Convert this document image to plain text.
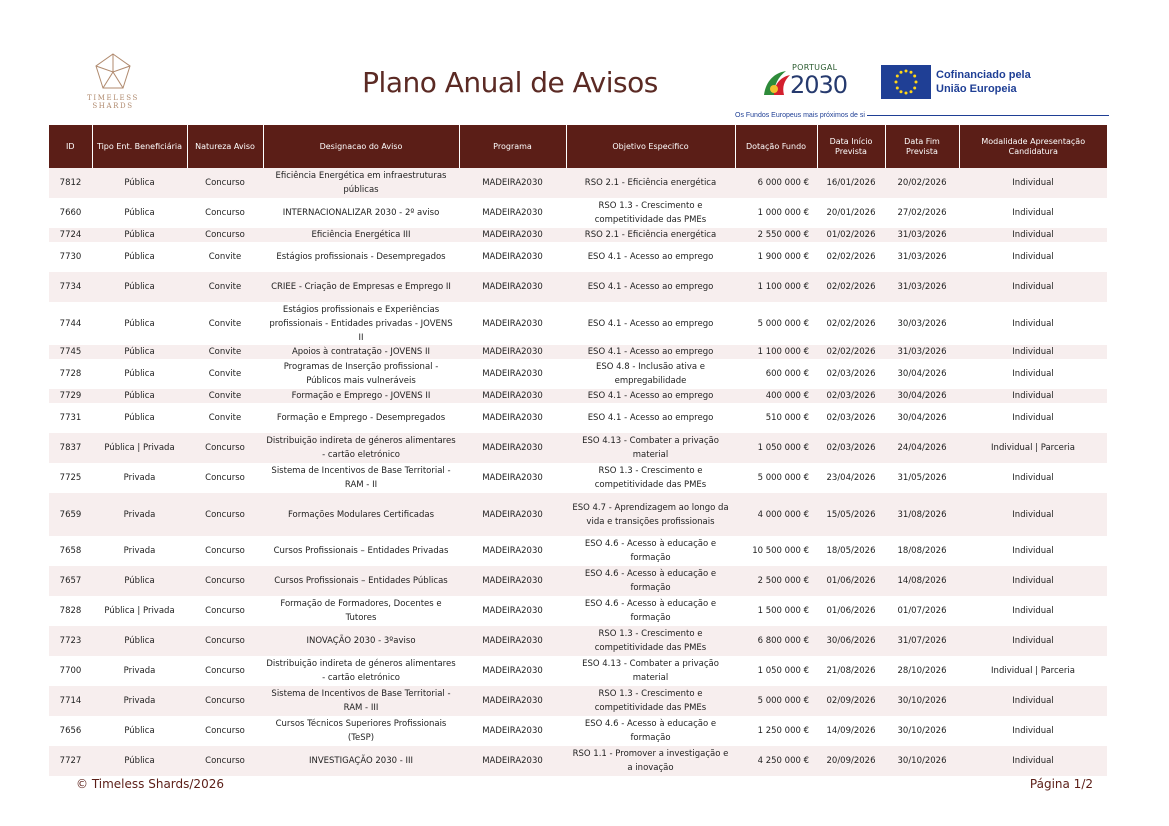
TIMELESS SHARDS
Plano Anual de Avisos	PORTUGAL
2030	Cofinanciado pela União Europeia
Os Fundos Europeus mais próximos de si
ID	Tipo Ent. Beneficiária	Natureza Aviso	Designacao do Aviso	Programa	Objetivo Especifico	Dotação Fundo	Data Início Prevista	Data Fim Prevista	Modalidade Apresentação Candidatura
7812	Pública	Concurso	Eficiência Energética em infraestruturas públicas	MADEIRA2030	RSO 2.1 - Eficiência energética	6 000 000 €	16/01/2026	20/02/2026	Individual
7660	Pública	Concurso	INTERNACIONALIZAR 2030 - 2º aviso	MADEIRA2030	RSO 1.3 - Crescimento e competitividade das PMEs	1 000 000 €	20/01/2026	27/02/2026	Individual
7724	Pública	Concurso	Eficiência Energética III	MADEIRA2030	RSO 2.1 - Eficiência energética	2 550 000 €	01/02/2026	31/03/2026	Individual
7730	Pública	Convite	Estágios profissionais - Desempregados	MADEIRA2030	ESO 4.1 - Acesso ao emprego	1 900 000 €	02/02/2026	31/03/2026	Individual
7734	Pública	Convite	CRIEE - Criação de Empresas e Emprego II	MADEIRA2030	ESO 4.1 - Acesso ao emprego	1 100 000 €	02/02/2026	31/03/2026	Individual
7744	Pública	Convite	Estágios profissionais e Experiências profissionais - Entidades privadas - JOVENS II	MADEIRA2030	ESO 4.1 - Acesso ao emprego	5 000 000 €	02/02/2026	30/03/2026	Individual
7745	Pública	Convite	Apoios à contratação - JOVENS II	MADEIRA2030	ESO 4.1 - Acesso ao emprego	1 100 000 €	02/02/2026	31/03/2026	Individual
7728	Pública	Convite	Programas de Inserção profissional - Públicos mais vulneráveis	MADEIRA2030	ESO 4.8 - Inclusão ativa e empregabilidade	600 000 €	02/03/2026	30/04/2026	Individual
7729	Pública	Convite	Formação e Emprego - JOVENS II	MADEIRA2030	ESO 4.1 - Acesso ao emprego	400 000 €	02/03/2026	30/04/2026	Individual
7731	Pública	Convite	Formação e Emprego - Desempregados	MADEIRA2030	ESO 4.1 - Acesso ao emprego	510 000 €	02/03/2026	30/04/2026	Individual
7837	Pública | Privada	Concurso	Distribuição indireta de géneros alimentares - cartão eletrónico	MADEIRA2030	ESO 4.13 - Combater a privação material	1 050 000 €	02/03/2026	24/04/2026	Individual | Parceria
7725	Privada	Concurso	Sistema de Incentivos de Base Territorial - RAM - II	MADEIRA2030	RSO 1.3 - Crescimento e competitividade das PMEs	5 000 000 €	23/04/2026	31/05/2026	Individual
7659	Privada	Concurso	Formações Modulares Certificadas	MADEIRA2030	ESO 4.7 - Aprendizagem ao longo da vida e transições profissionais	4 000 000 €	15/05/2026	31/08/2026	Individual
7658	Privada	Concurso	Cursos Profissionais – Entidades Privadas	MADEIRA2030	ESO 4.6 - Acesso à educação e formação	10 500 000 €	18/05/2026	18/08/2026	Individual
7657	Pública	Concurso	Cursos Profissionais – Entidades Públicas	MADEIRA2030	ESO 4.6 - Acesso à educação e formação	2 500 000 €	01/06/2026	14/08/2026	Individual
7828	Pública | Privada	Concurso	Formação de Formadores, Docentes e Tutores	MADEIRA2030	ESO 4.6 - Acesso à educação e formação	1 500 000 €	01/06/2026	01/07/2026	Individual
7723	Pública	Concurso	INOVAÇÃO 2030 - 3ºaviso	MADEIRA2030	RSO 1.3 - Crescimento e competitividade das PMEs	6 800 000 €	30/06/2026	31/07/2026	Individual
7700	Privada	Concurso	Distribuição indireta de géneros alimentares - cartão eletrónico	MADEIRA2030	ESO 4.13 - Combater a privação material	1 050 000 €	21/08/2026	28/10/2026	Individual | Parceria
7714	Privada	Concurso	Sistema de Incentivos de Base Territorial - RAM - III	MADEIRA2030	RSO 1.3 - Crescimento e competitividade das PMEs	5 000 000 €	02/09/2026	30/10/2026	Individual
7656	Pública	Concurso	Cursos Técnicos Superiores Profissionais (TeSP)	MADEIRA2030	ESO 4.6 - Acesso à educação e formação	1 250 000 €	14/09/2026	30/10/2026	Individual
7727	Pública	Concurso	INVESTIGAÇÃO 2030 - III	MADEIRA2030	RSO 1.1 - Promover a investigação e a inovação	4 250 000 €	20/09/2026	30/10/2026	Individual
© Timeless Shards/2026	Página 1/2
